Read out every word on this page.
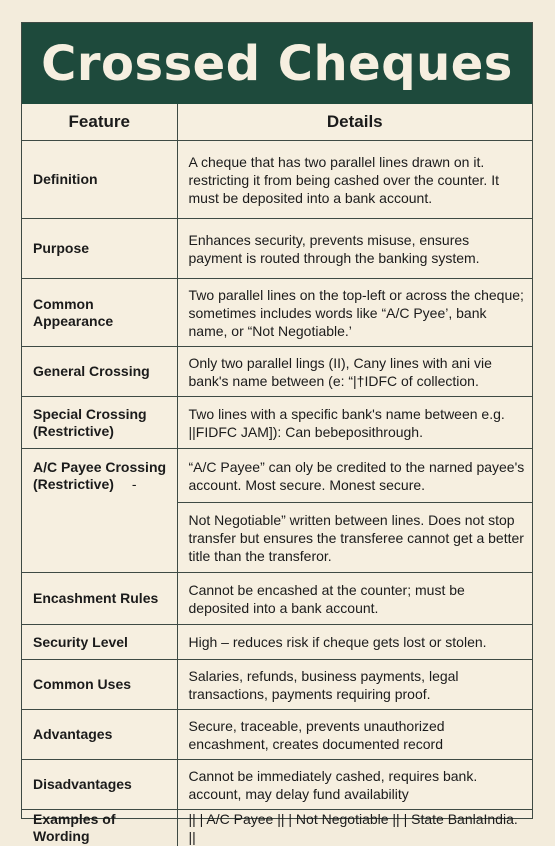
Crossed Cheques
Feature	Details
Definition	A cheque that has two parallel lines drawn on it. restricting it from being cashed over the counter. It must be deposited into a bank account.
Purpose	Enhances security, prevents misuse, ensures payment is routed through the banking system.
Common Appearance	Two parallel lines on the top-left or across the cheque; sometimes includes words like “A/C Pyee’, bank name, or “Not Negotiable.’
General Crossing	Only two parallel lings (II), Cany lines with ani vie bank's name between (e: “|†IDFC of collection.
Special Crossing (Restrictive)	Two lines with a specific bank's name between e.g. ||FIDFC JAM]): Can bebeposithrough.
A/C Payee Crossing (Restrictive) -	“A/C Payee” can oly be credited to the narned payee's account. Most secure. Monest secure.
	Not Negotiable” written between lines. Does not stop transfer but ensures the transferee cannot get a better title than the transferor.
Encashment Rules	Cannot be encashed at the counter; must be deposited into a bank account.
Security Level	High – reduces risk if cheque gets lost or stolen.
Common Uses	Salaries, refunds, business payments, legal transactions, payments requiring proof.
Advantages	Secure, traceable, prevents unauthorized encashment, creates documented record
Disadvantages	Cannot be immediately cashed, requires bank. account, may delay fund availability
Examples of Wording	|| | A/C Payee || | Not Negotiable || | State BanlaIndia. ||
